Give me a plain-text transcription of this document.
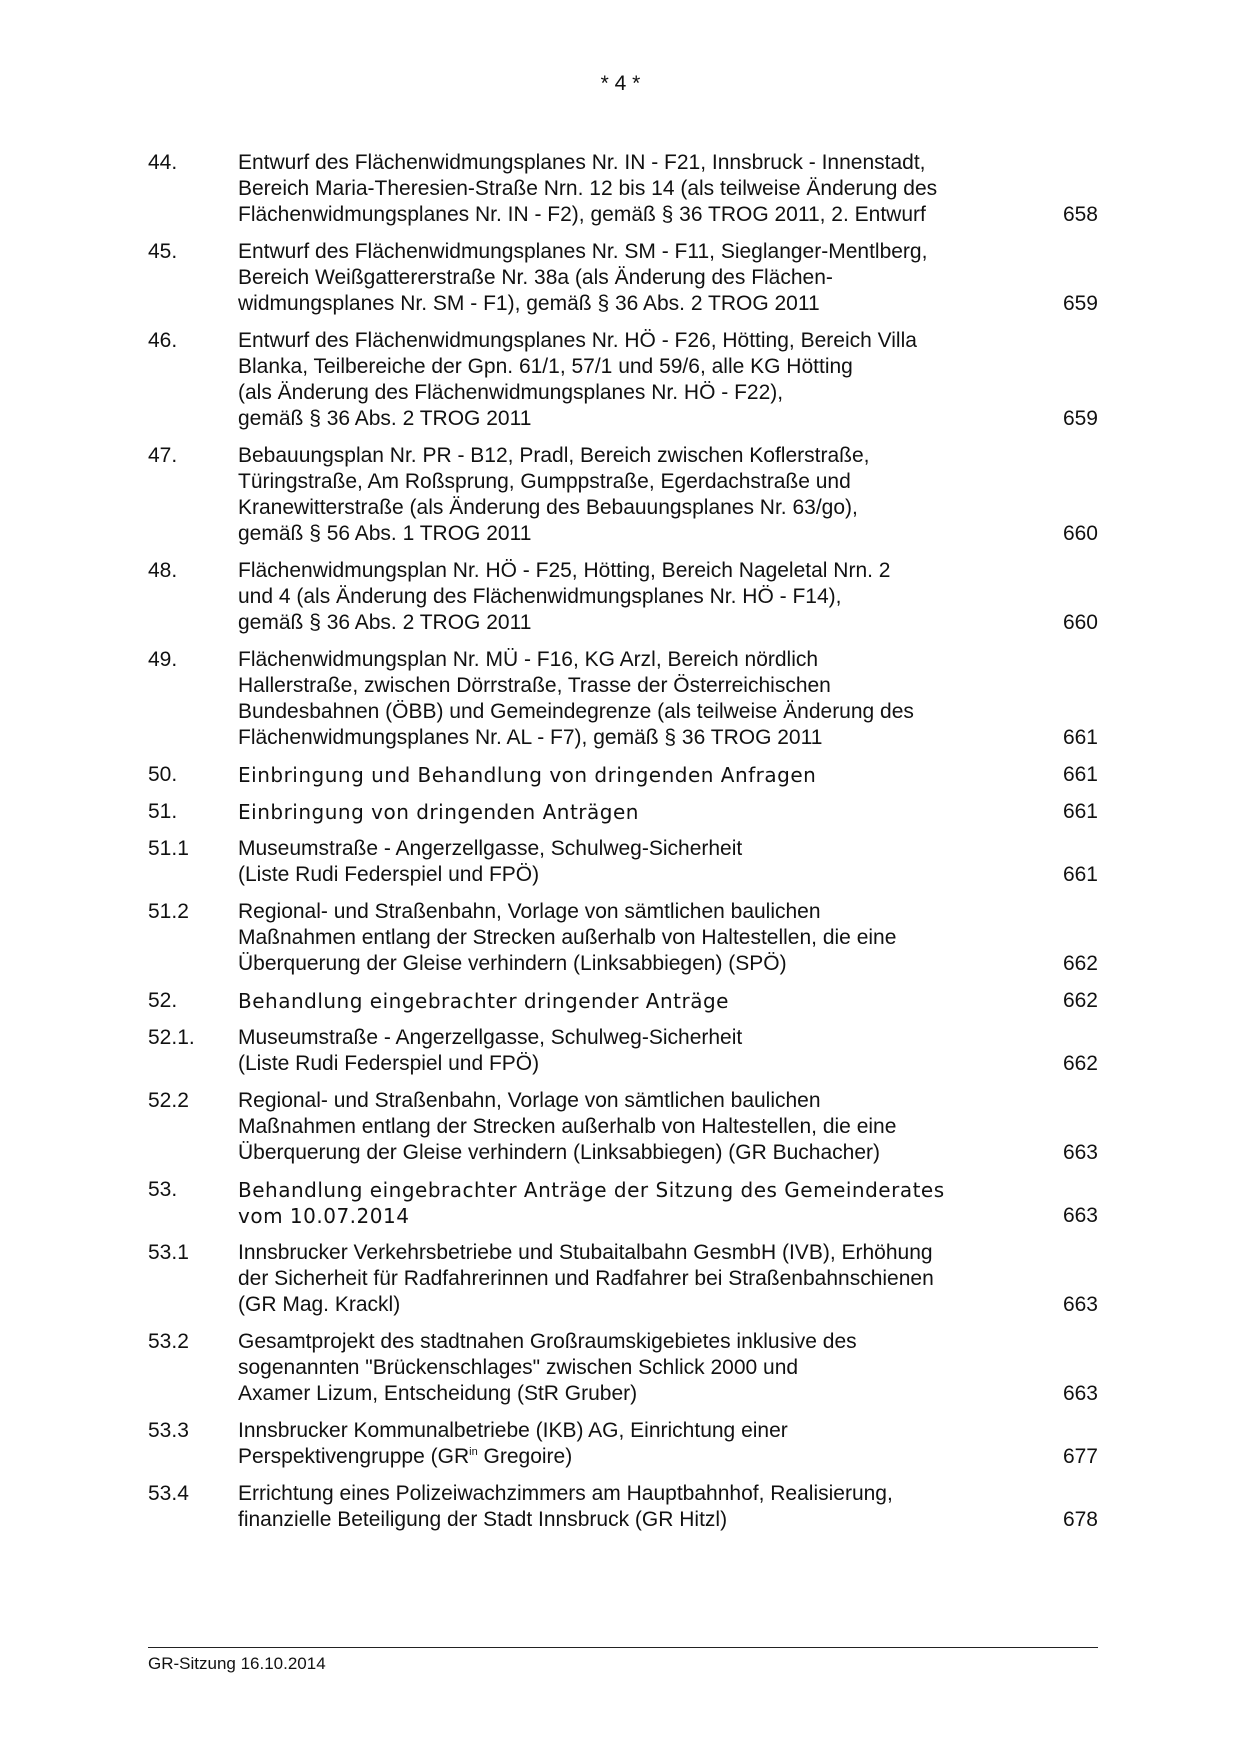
* 4 *
44.	Entwurf des Flächenwidmungsplanes Nr. IN - F21, Innsbruck - Innenstadt,
Bereich Maria-Theresien-Straße Nrn. 12 bis 14 (als teilweise Änderung des
Flächenwidmungsplanes Nr. IN - F2), gemäß § 36 TROG 2011, 2. Entwurf	658
45.	Entwurf des Flächenwidmungsplanes Nr. SM - F11, Sieglanger-Mentlberg,
Bereich Weißgattererstraße Nr. 38a (als Änderung des Flächen-
widmungsplanes Nr. SM - F1), gemäß § 36 Abs. 2 TROG 2011	659
46.	Entwurf des Flächenwidmungsplanes Nr. HÖ - F26, Hötting, Bereich Villa
Blanka, Teilbereiche der Gpn. 61/1, 57/1 und 59/6, alle KG Hötting
(als Änderung des Flächenwidmungsplanes Nr. HÖ - F22),
gemäß § 36 Abs. 2 TROG 2011	659
47.	Bebauungsplan Nr. PR - B12, Pradl, Bereich zwischen Koflerstraße,
Türingstraße, Am Roßsprung, Gumppstraße, Egerdachstraße und
Kranewitterstraße (als Änderung des Bebauungsplanes Nr. 63/go),
gemäß § 56 Abs. 1 TROG 2011	660
48.	Flächenwidmungsplan Nr. HÖ - F25, Hötting, Bereich Nageletal Nrn. 2
und 4 (als Änderung des Flächenwidmungsplanes Nr. HÖ - F14),
gemäß § 36 Abs. 2 TROG 2011	660
49.	Flächenwidmungsplan Nr. MÜ - F16, KG Arzl, Bereich nördlich
Hallerstraße, zwischen Dörrstraße, Trasse der Österreichischen
Bundesbahnen (ÖBB) und Gemeindegrenze (als teilweise Änderung des
Flächenwidmungsplanes Nr. AL - F7), gemäß § 36 TROG 2011	661
50.	Einbringung und Behandlung von dringenden Anfragen	661
51.	Einbringung von dringenden Anträgen	661
51.1 Museumstraße - Angerzellgasse, Schulweg-Sicherheit
(Liste Rudi Federspiel und FPÖ)	661
51.2 Regional- und Straßenbahn, Vorlage von sämtlichen baulichen
Maßnahmen entlang der Strecken außerhalb von Haltestellen, die eine
Überquerung der Gleise verhindern (Linksabbiegen) (SPÖ)	662
52.	Behandlung eingebrachter dringender Anträge	662
52.1. Museumstraße - Angerzellgasse, Schulweg-Sicherheit
(Liste Rudi Federspiel und FPÖ)	662
52.2 Regional- und Straßenbahn, Vorlage von sämtlichen baulichen
Maßnahmen entlang der Strecken außerhalb von Haltestellen, die eine
Überquerung der Gleise verhindern (Linksabbiegen) (GR Buchacher)	663
53.	Behandlung eingebrachter Anträge der Sitzung des Gemeinderates
vom 10.07.2014	663
53.1 Innsbrucker Verkehrsbetriebe und Stubaitalbahn GesmbH (IVB), Erhöhung
der Sicherheit für Radfahrerinnen und Radfahrer bei Straßenbahnschienen
(GR Mag. Krackl)	663
53.2 Gesamtprojekt des stadtnahen Großraumskigebietes inklusive des
sogenannten "Brückenschlages" zwischen Schlick 2000 und
Axamer Lizum, Entscheidung (StR Gruber)	663
53.3 Innsbrucker Kommunalbetriebe (IKB) AG, Einrichtung einer
Perspektivengruppe ($GR^{in}$ Gregoire)	677
53.4 Errichtung eines Polizeiwachzimmers am Hauptbahnhof, Realisierung,
finanzielle Beteiligung der Stadt Innsbruck (GR Hitzl)	678
GR-Sitzung 16.10.2014
